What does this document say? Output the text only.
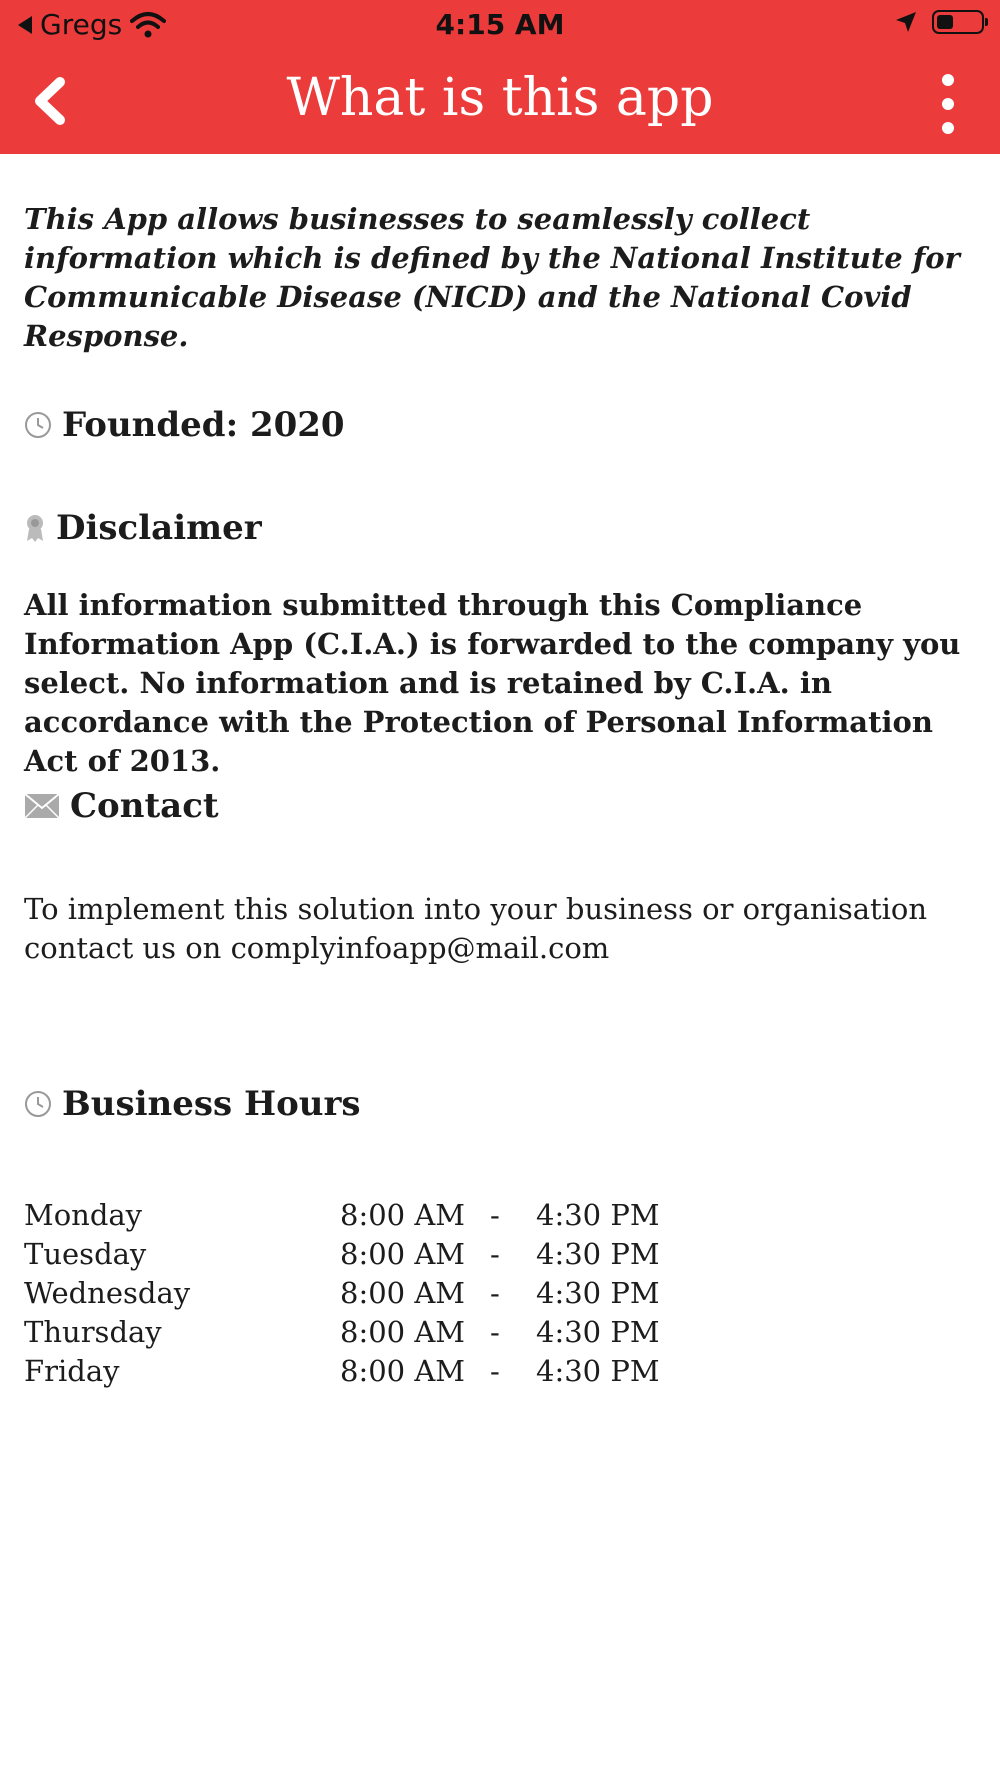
Gregs	4:15 AM
What is this app

This App allows businesses to seamlessly collect information which is defined by the National Institute for Communicable Disease (NICD) and the National Covid Response.

Founded: 2020
Disclaimer
All information submitted through this Compliance Information App (C.I.A.) is forwarded to the company you select. No information and is retained by C.I.A. in accordance with the Protection of Personal Information Act of 2013.
Contact
To implement this solution into your business or organisation contact us on complyinfoapp@mail.com
Business Hours
Monday	8:00 AM -	4:30 PM
Tuesday	8:00 AM -	4:30 PM
Wednesday	8:00 AM -	4:30 PM
Thursday	8:00 AM -	4:30 PM
Friday	8:00 AM -	4:30 PM
